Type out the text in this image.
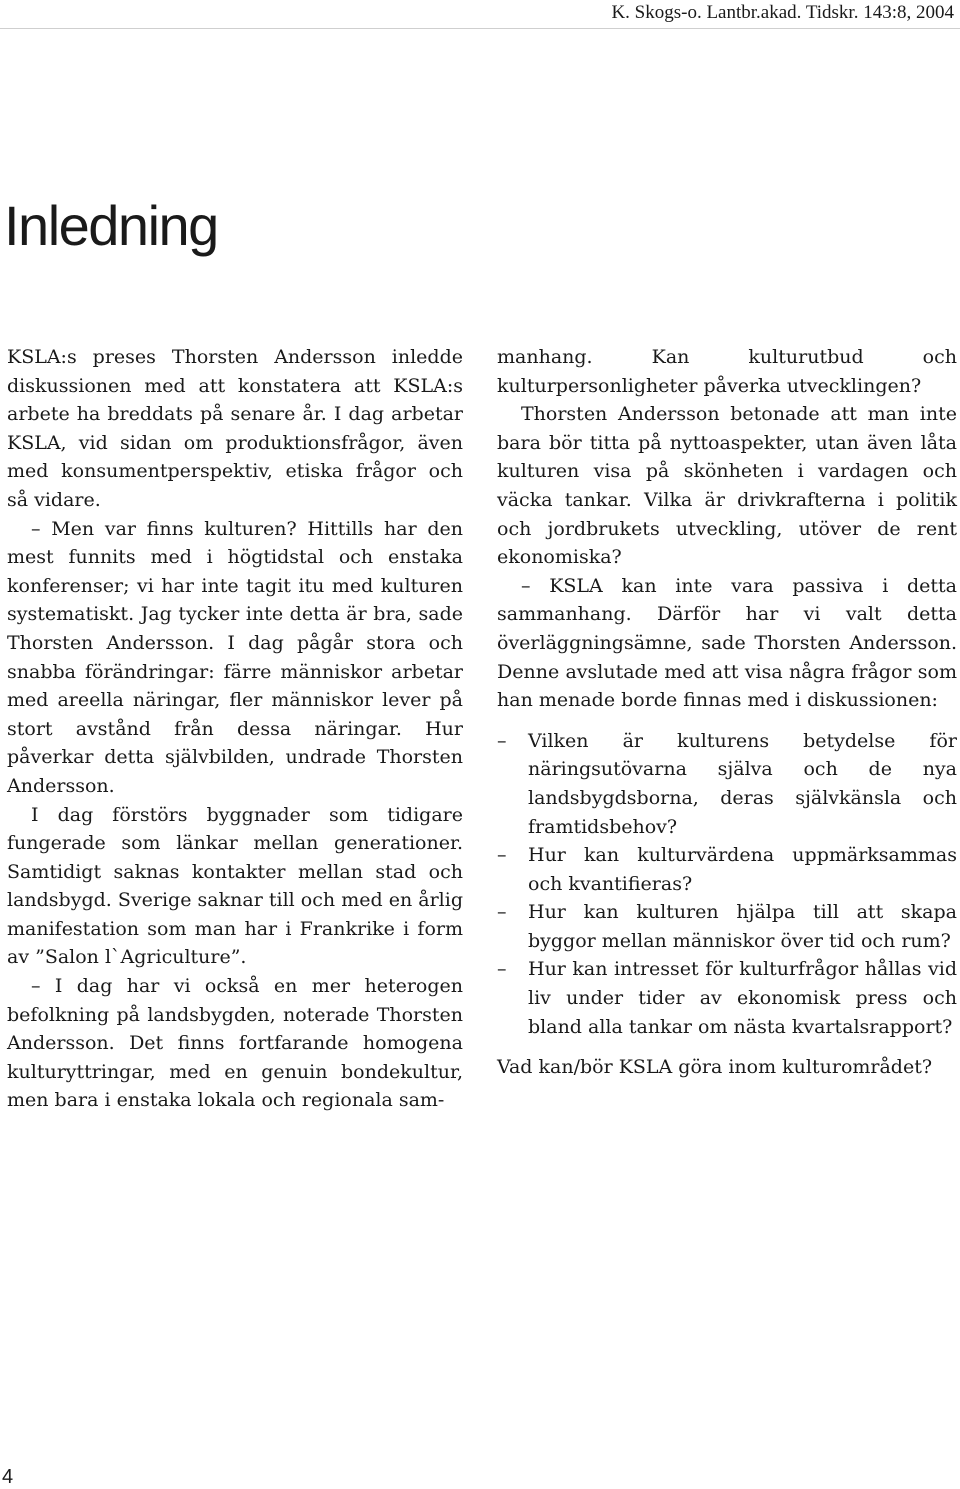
K. Skogs-o. Lantbr.akad. Tidskr. 143:8, 2004
Inledning

KSLA:s preses Thorsten Andersson inledde diskussionen med att konstatera att KSLA:s arbete ha breddats på senare år. I dag arbetar KSLA, vid sidan om produktionsfrågor, även med konsumentperspektiv, etiska frågor och så vidare.

– Men var finns kulturen? Hittills har den mest funnits med i högtidstal och enstaka konferenser; vi har inte tagit itu med kulturen systematiskt. Jag tycker inte detta är bra, sade Thorsten Andersson. I dag pågår stora och snabba förändringar: färre människor arbetar med areella näringar, fler människor lever på stort avstånd från dessa näringar. Hur påverkar detta självbilden, undrade Thorsten Andersson.

I dag förstörs byggnader som tidigare fungerade som länkar mellan generationer. Samtidigt saknas kontakter mellan stad och landsbygd. Sverige saknar till och med en årlig manifestation som man har i Frankrike i form av ”Salon l`Agriculture”.

– I dag har vi också en mer heterogen befolkning på landsbygden, noterade Thorsten Andersson. Det finns fortfarande homogena kulturyttringar, med en genuin bondekultur, men bara i enstaka lokala och regionala sam-

manhang. Kan kulturutbud och kulturpersonligheter påverka utvecklingen?

Thorsten Andersson betonade att man inte bara bör titta på nyttoaspekter, utan även låta kulturen visa på skönheten i vardagen och väcka tankar. Vilka är drivkrafterna i politik och jordbrukets utveckling, utöver de rent ekonomiska?

– KSLA kan inte vara passiva i detta sammanhang. Därför har vi valt detta överläggningsämne, sade Thorsten Andersson. Denne avslutade med att visa några frågor som han menade borde finnas med i diskussionen:

– Vilken är kulturens betydelse för näringsutövarna själva och de nya landsbygdsborna, deras självkänsla och framtidsbehov?
– Hur kan kulturvärdena uppmärksammas och kvantifieras?
– Hur kan kulturen hjälpa till att skapa byggor mellan människor över tid och rum?
– Hur kan intresset för kulturfrågor hållas vid liv under tider av ekonomisk press och bland alla tankar om nästa kvartalsrapport?

Vad kan/bör KSLA göra inom kulturområdet?

4
